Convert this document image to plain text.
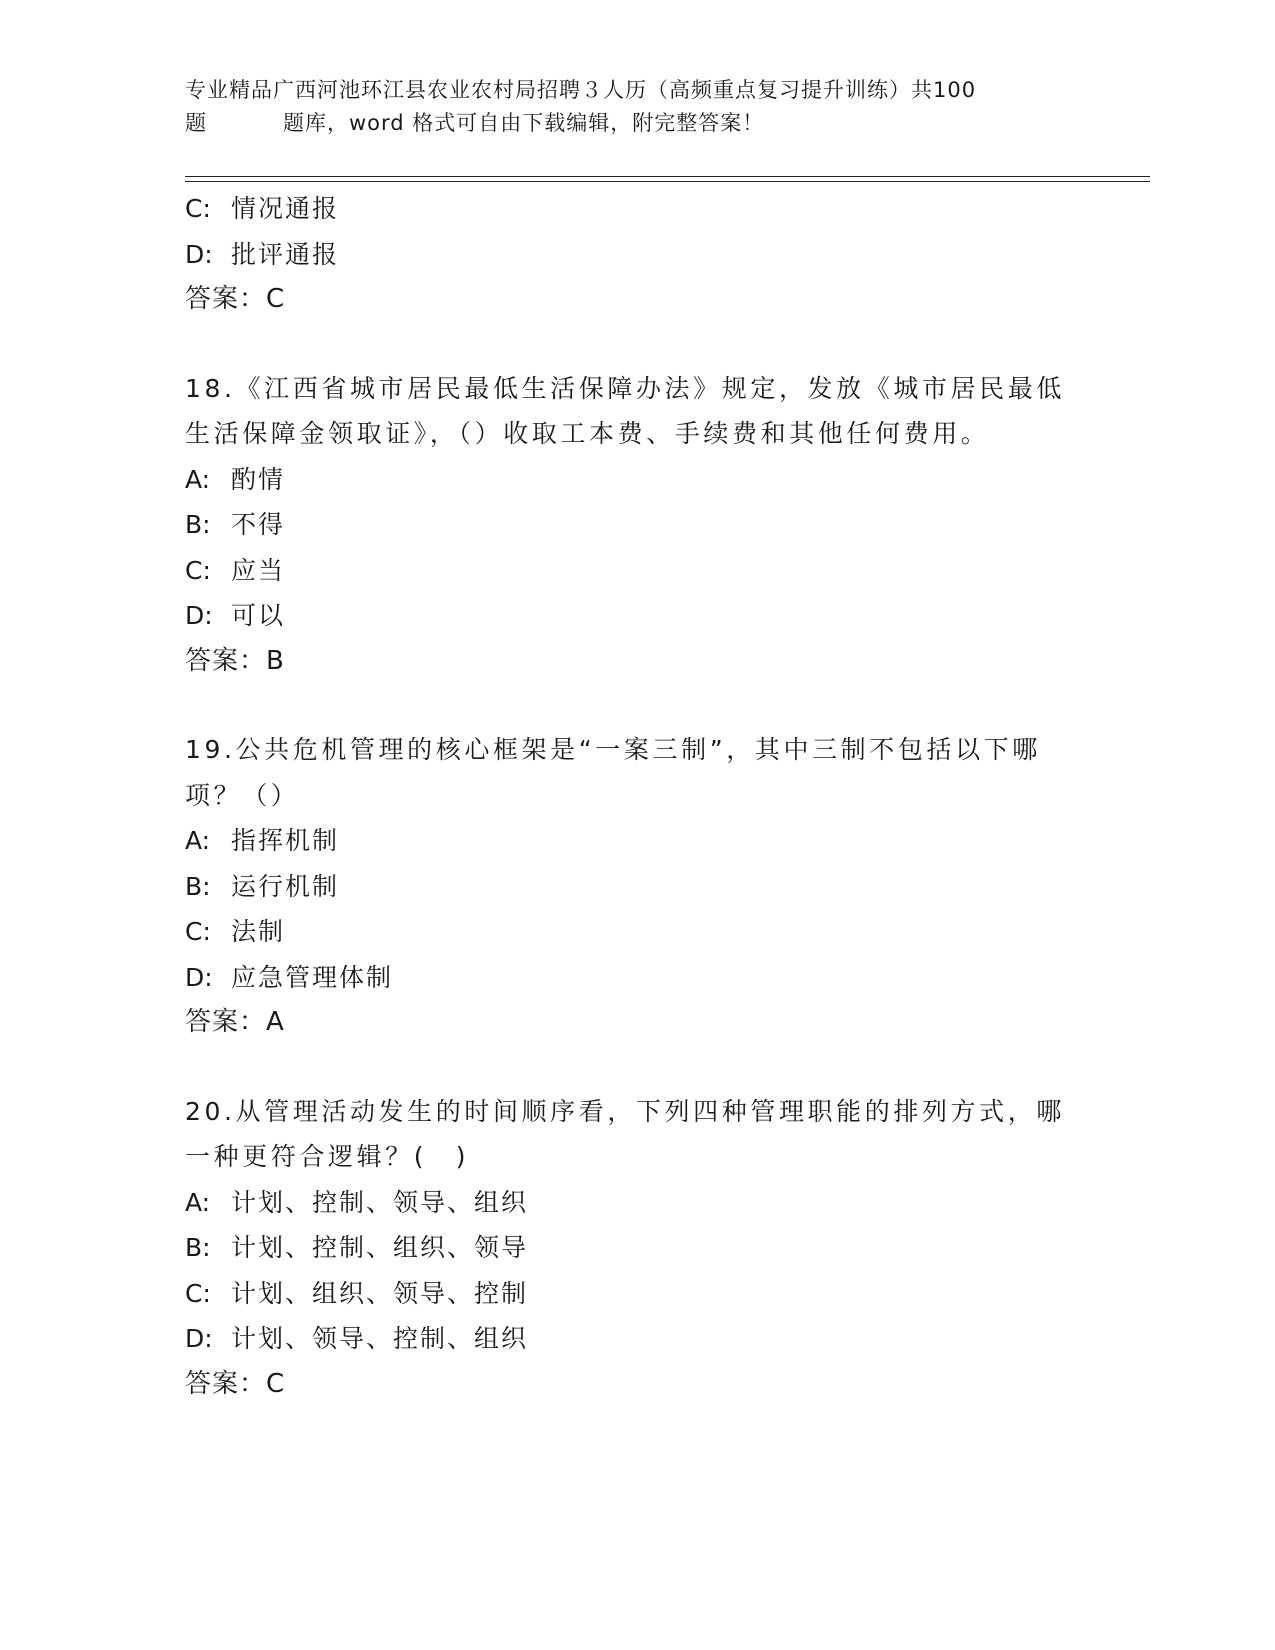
专业精品广西河池环江县农业农村局招聘３人历（高频重点复习提升训练）共100
题	题库，word 格式可自由下载编辑，附完整答案！
C: 情况通报
D: 批评通报
答案：C
18.《江西省城市居民最低生活保障办法》规定，发放《城市居民最低生活保障金领取证》，（）收取工本费、手续费和其他任何费用。
A: 酌情
B: 不得
C: 应当
D: 可以
答案：B
19.公共危机管理的核心框架是“一案三制”，其中三制不包括以下哪项？（）
A: 指挥机制
B: 运行机制
C: 法制
D: 应急管理体制
答案：A
20.从管理活动发生的时间顺序看，下列四种管理职能的排列方式，哪一种更符合逻辑？(　)
A: 计划、控制、领导、组织
B: 计划、控制、组织、领导
C: 计划、组织、领导、控制
D: 计划、领导、控制、组织
答案：C
